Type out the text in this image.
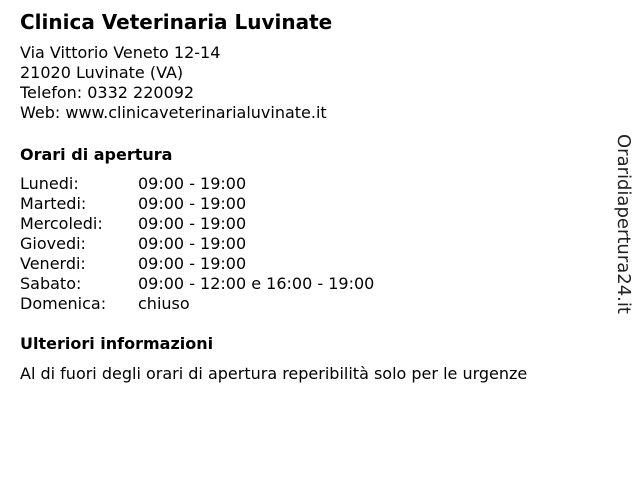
Clinica Veterinaria Luvinate
Via Vittorio Veneto 12-14
21020 Luvinate (VA)
Telefon: 0332 220092
Web: www.clinicaveterinarialuvinate.it
Orari di apertura
Lunedi:	09:00 - 19:00
Martedi:	09:00 - 19:00
Mercoledi: 09:00 - 19:00
Giovedi:	09:00 - 19:00
Venerdi:	09:00 - 19:00
Sabato:	09:00 - 12:00 e 16:00 - 19:00
Domenica: chiuso
Ulteriori informazioni
Al di fuori degli orari di apertura reperibilità solo per le urgenze
Oraridiapertura24.it
